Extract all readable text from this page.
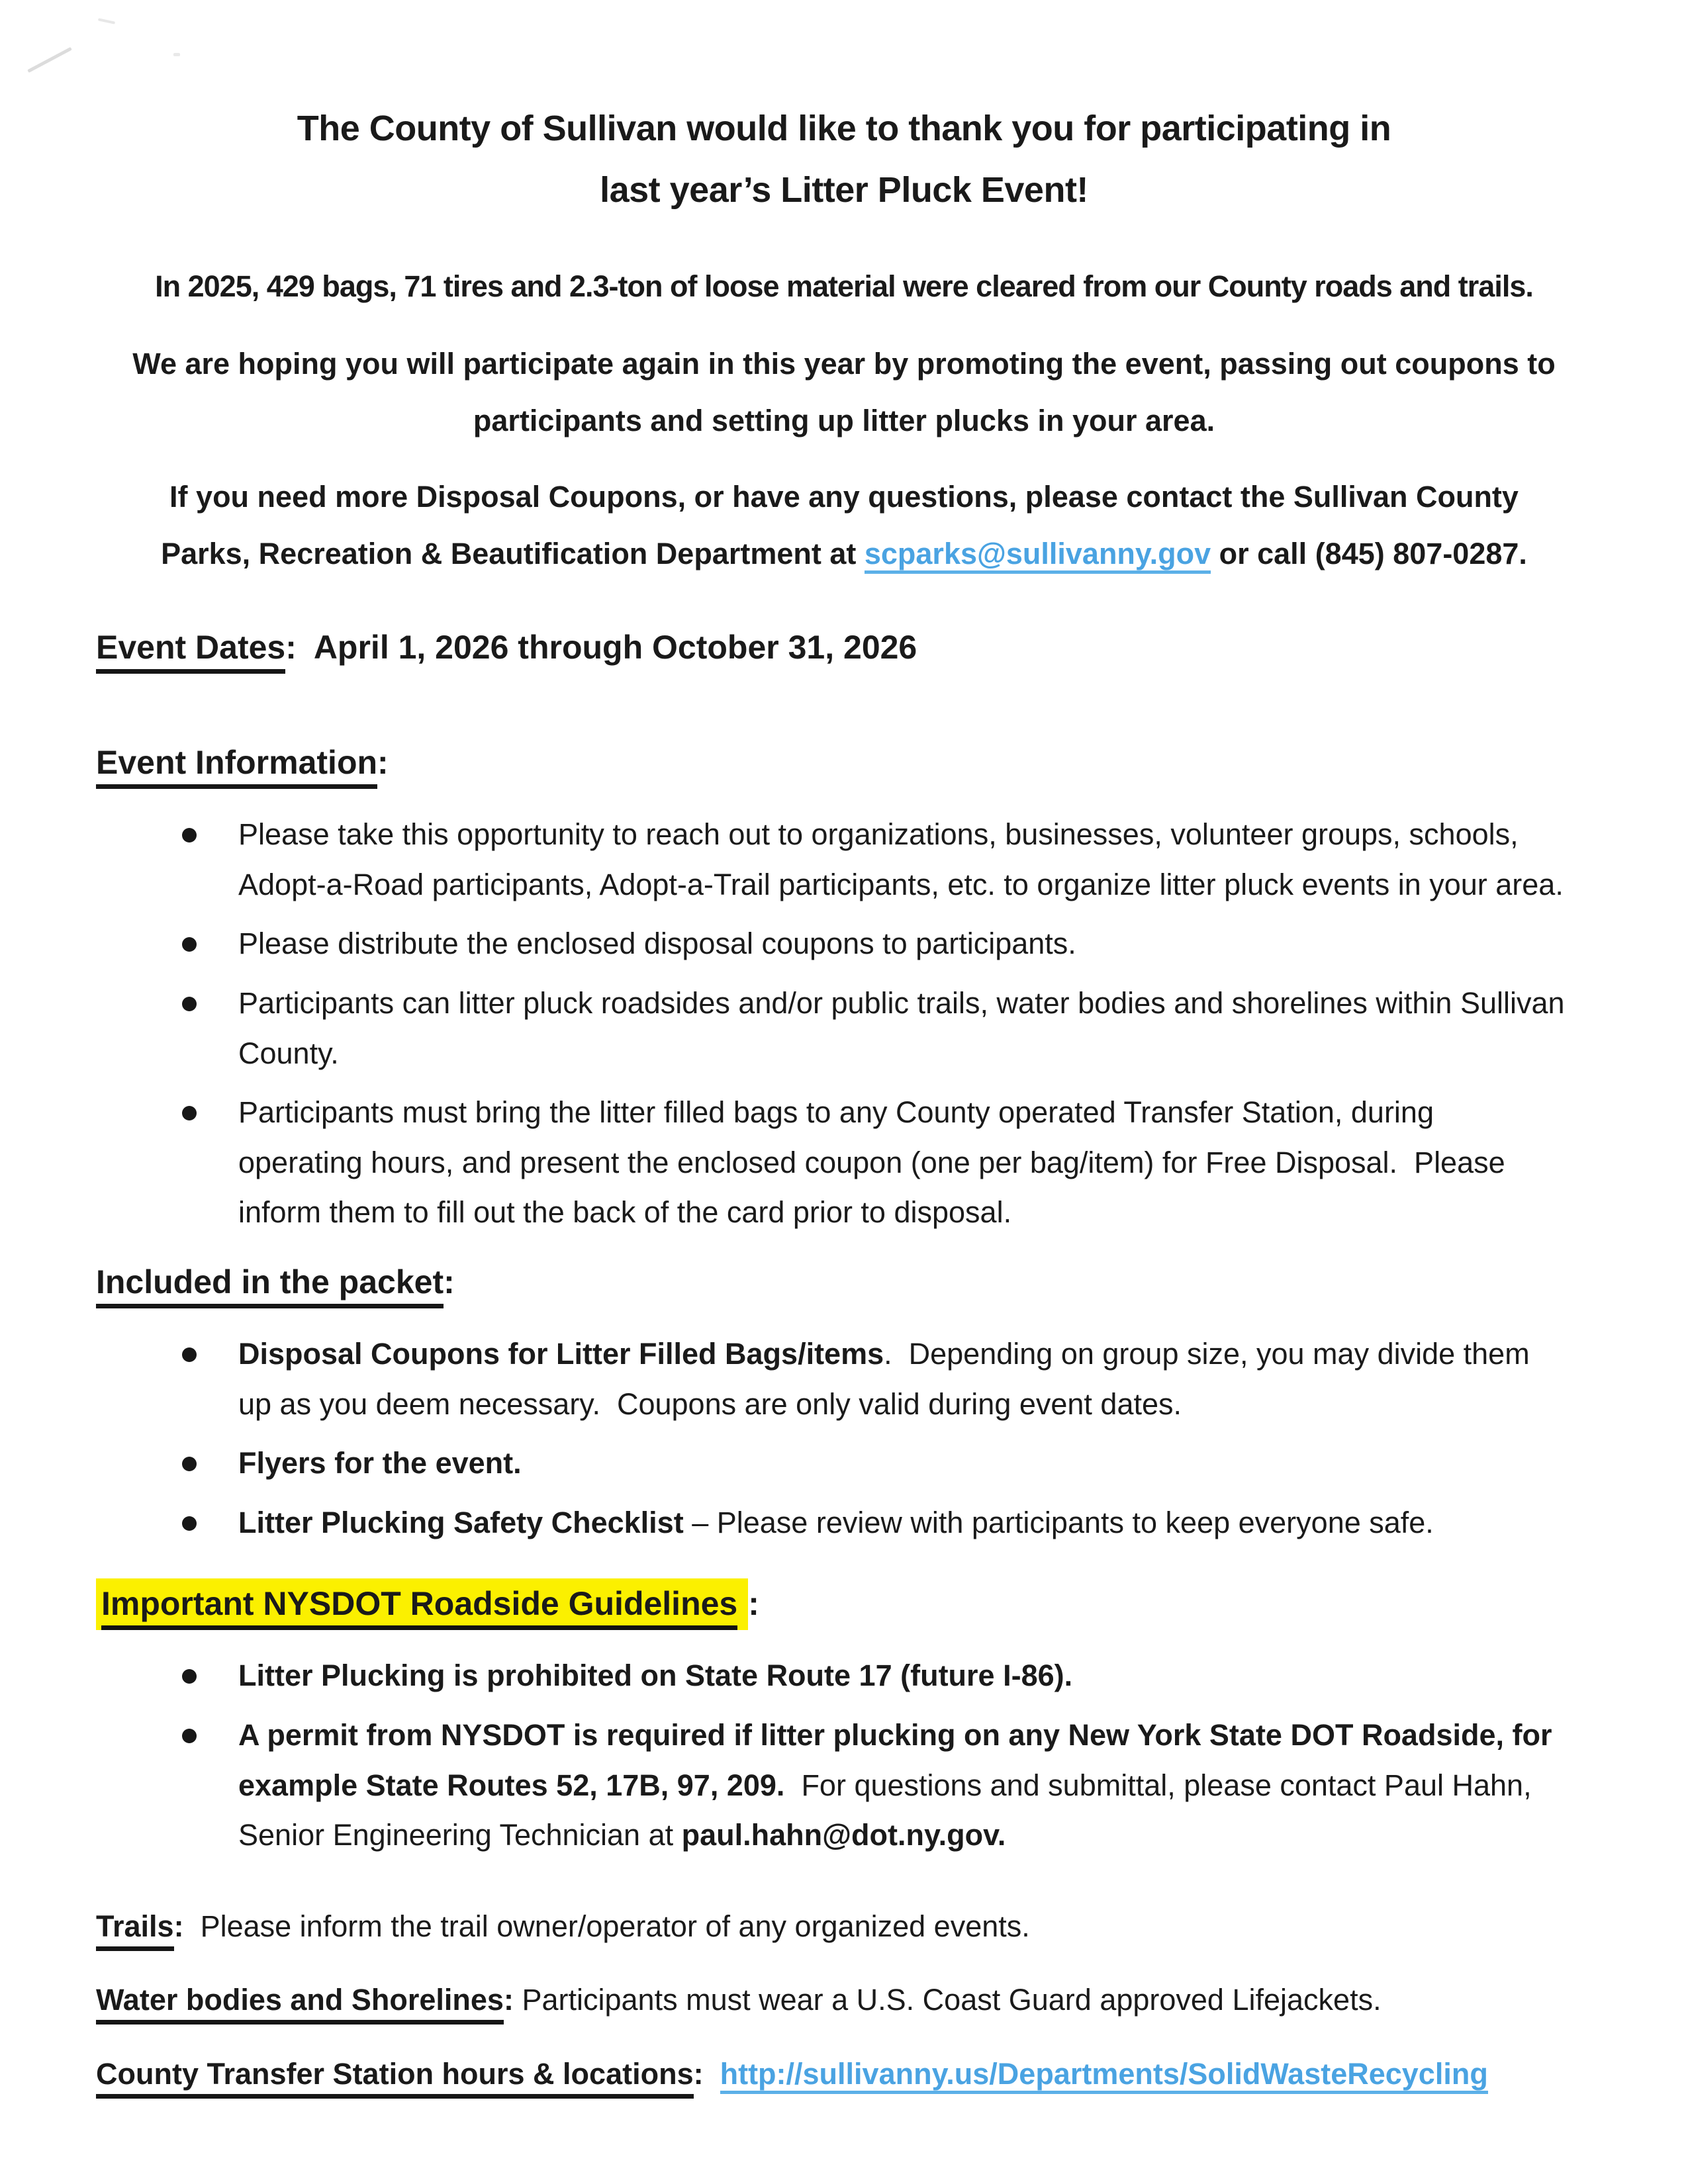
The County of Sullivan would like to thank you for participating in
last year’s Litter Pluck Event!

In 2025, 429 bags, 71 tires and 2.3-ton of loose material were cleared from our County roads and trails.

We are hoping you will participate again in this year by promoting the event, passing out coupons to participants and setting up litter plucks in your area.

If you need more Disposal Coupons, or have any questions, please contact the Sullivan County Parks, Recreation & Beautification Department at scparks@sullivanny.gov or call (845) 807-0287.

Event Dates:  April 1, 2026 through October 31, 2026

Event Information:

Please take this opportunity to reach out to organizations, businesses, volunteer groups, schools, Adopt-a-Road participants, Adopt-a-Trail participants, etc. to organize litter pluck events in your area.
Please distribute the enclosed disposal coupons to participants.
Participants can litter pluck roadsides and/or public trails, water bodies and shorelines within Sullivan County.
Participants must bring the litter filled bags to any County operated Transfer Station, during operating hours, and present the enclosed coupon (one per bag/item) for Free Disposal.  Please inform them to fill out the back of the card prior to disposal.

Included in the packet:

Disposal Coupons for Litter Filled Bags/items.  Depending on group size, you may divide them up as you deem necessary.  Coupons are only valid during event dates.
Flyers for the event.
Litter Plucking Safety Checklist – Please review with participants to keep everyone safe.

Important NYSDOT Roadside Guidelines :

Litter Plucking is prohibited on State Route 17 (future I-86).
A permit from NYSDOT is required if litter plucking on any New York State DOT Roadside, for example State Routes 52, 17B, 97, 209.  For questions and submittal, please contact Paul Hahn, Senior Engineering Technician at paul.hahn@dot.ny.gov.

Trails:  Please inform the trail owner/operator of any organized events.

Water bodies and Shorelines: Participants must wear a U.S. Coast Guard approved Lifejackets.

County Transfer Station hours & locations:  http://sullivanny.us/Departments/SolidWasteRecycling
